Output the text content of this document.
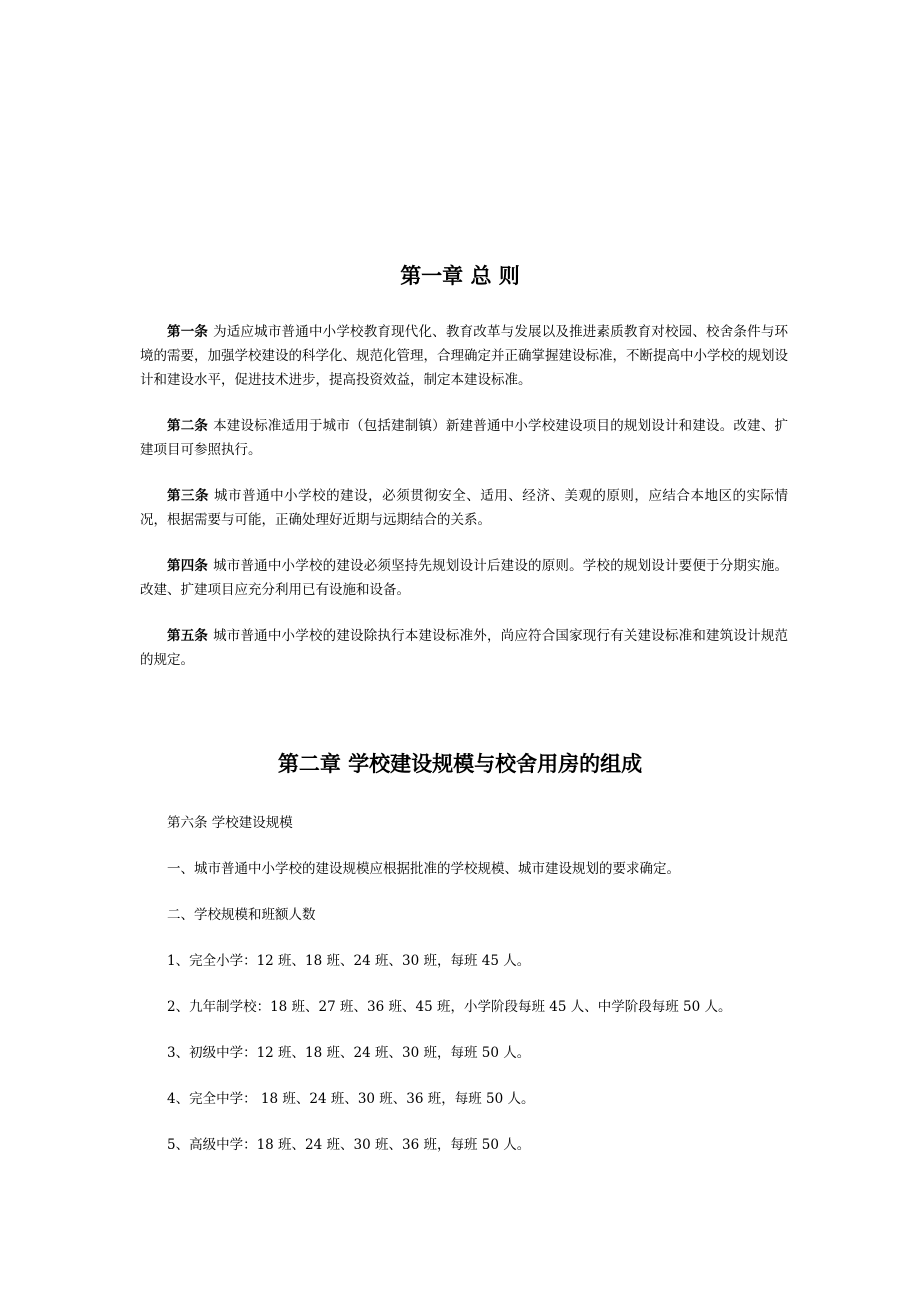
第一章 总 则

第一条 为适应城市普通中小学校教育现代化、教育改革与发展以及推进素质教育对校园、校舍条件与环境的需要，加强学校建设的科学化、规范化管理，合理确定并正确掌握建设标准，不断提高中小学校的规划设计和建设水平，促进技术进步，提高投资效益，制定本建设标准。

第二条 本建设标准适用于城市（包括建制镇）新建普通中小学校建设项目的规划设计和建设。改建、扩建项目可参照执行。

第三条 城市普通中小学校的建设，必须贯彻安全、适用、经济、美观的原则，应结合本地区的实际情况，根据需要与可能，正确处理好近期与远期结合的关系。

第四条 城市普通中小学校的建设必须坚持先规划设计后建设的原则。学校的规划设计要便于分期实施。改建、扩建项目应充分利用已有设施和设备。

第五条 城市普通中小学校的建设除执行本建设标准外，尚应符合国家现行有关建设标准和建筑设计规范的规定。

第二章 学校建设规模与校舍用房的组成

第六条 学校建设规模

一、城市普通中小学校的建设规模应根据批准的学校规模、城市建设规划的要求确定。

二、学校规模和班额人数

1、完全小学：12 班、18 班、24 班、30 班，每班 45 人。

2、九年制学校：18 班、27 班、36 班、45 班，小学阶段每班 45 人、中学阶段每班 50 人。

3、初级中学：12 班、18 班、24 班、30 班，每班 50 人。

4、完全中学： 18 班、24 班、30 班、36 班，每班 50 人。

5、高级中学：18 班、24 班、30 班、36 班，每班 50 人。
